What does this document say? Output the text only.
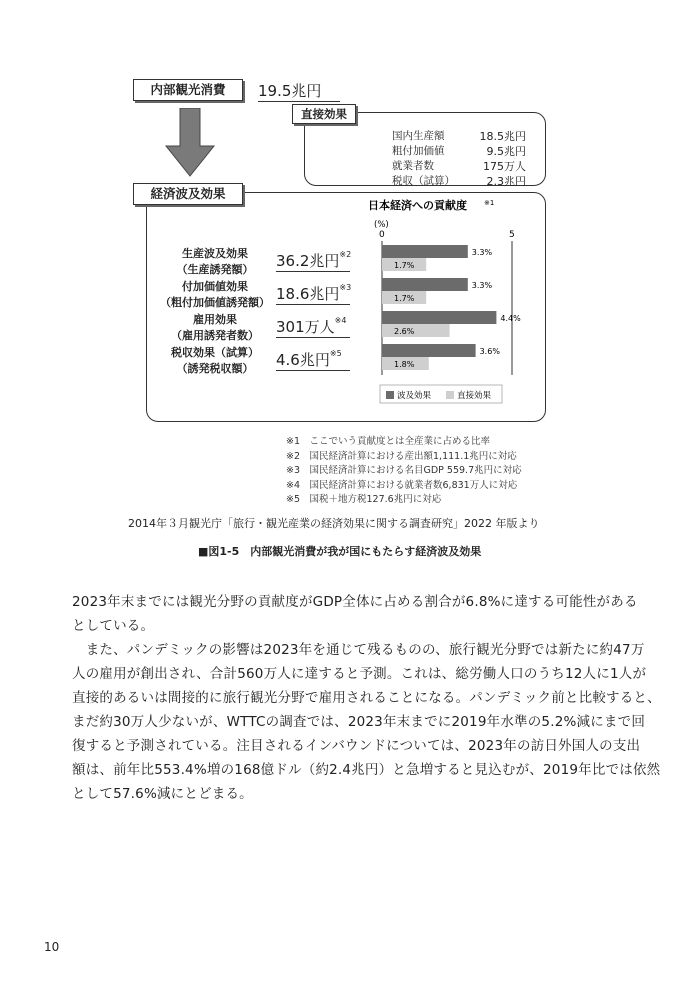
内部観光消費	19.5兆円
直接効果
国内生産額	18.5兆円
粗付加価値	9.5兆円
就業者数	175万人
税収（試算）	2.3兆円
経済波及効果
生産波及効果
（生産誘発額）	36.2兆円$^{※2}$
付加価値効果
（粗付加価値誘発額） 18.6兆円$^{※3}$
雇用効果
（雇用誘発者数）	301万人$^{※4}$
税収効果（試算）
（誘発税収額）	4.6兆円$^{※5}$
日本経済への貢献度 ※1
(%)
0	5
3.3%
1.7%
3.3%
1.7%
4.4%
2.6%
3.6%
1.8%
波及効果	直接効果
※1　ここでいう貢献度とは全産業に占める比率
※2　国民経済計算における産出額1,111.1兆円に対応
※3　国民経済計算における名目GDP 559.7兆円に対応
※4　国民経済計算における就業者数6,831万人に対応
※5　国税＋地方税127.6兆円に対応
2014年３月観光庁「旅行・観光産業の経済効果に関する調査研究」2022 年版より
■図1-5　内部観光消費が我が国にもたらす経済波及効果
2023年末までには観光分野の貢献度がGDP全体に占める割合が6.8%に達する可能性がある
としている。
　また、パンデミックの影響は2023年を通じて残るものの、旅行観光分野では新たに約47万
人の雇用が創出され、合計560万人に達すると予測。これは、総労働人口のうち12人に1人が
直接的あるいは間接的に旅行観光分野で雇用されることになる。パンデミック前と比較すると、
まだ約30万人少ないが、WTTCの調査では、2023年末までに2019年水準の5.2%減にまで回
復すると予測されている。注目されるインバウンドについては、2023年の訪日外国人の支出
額は、前年比553.4%増の168億ドル（約2.4兆円）と急増すると見込むが、2019年比では依然
として57.6%減にとどまる。
10
